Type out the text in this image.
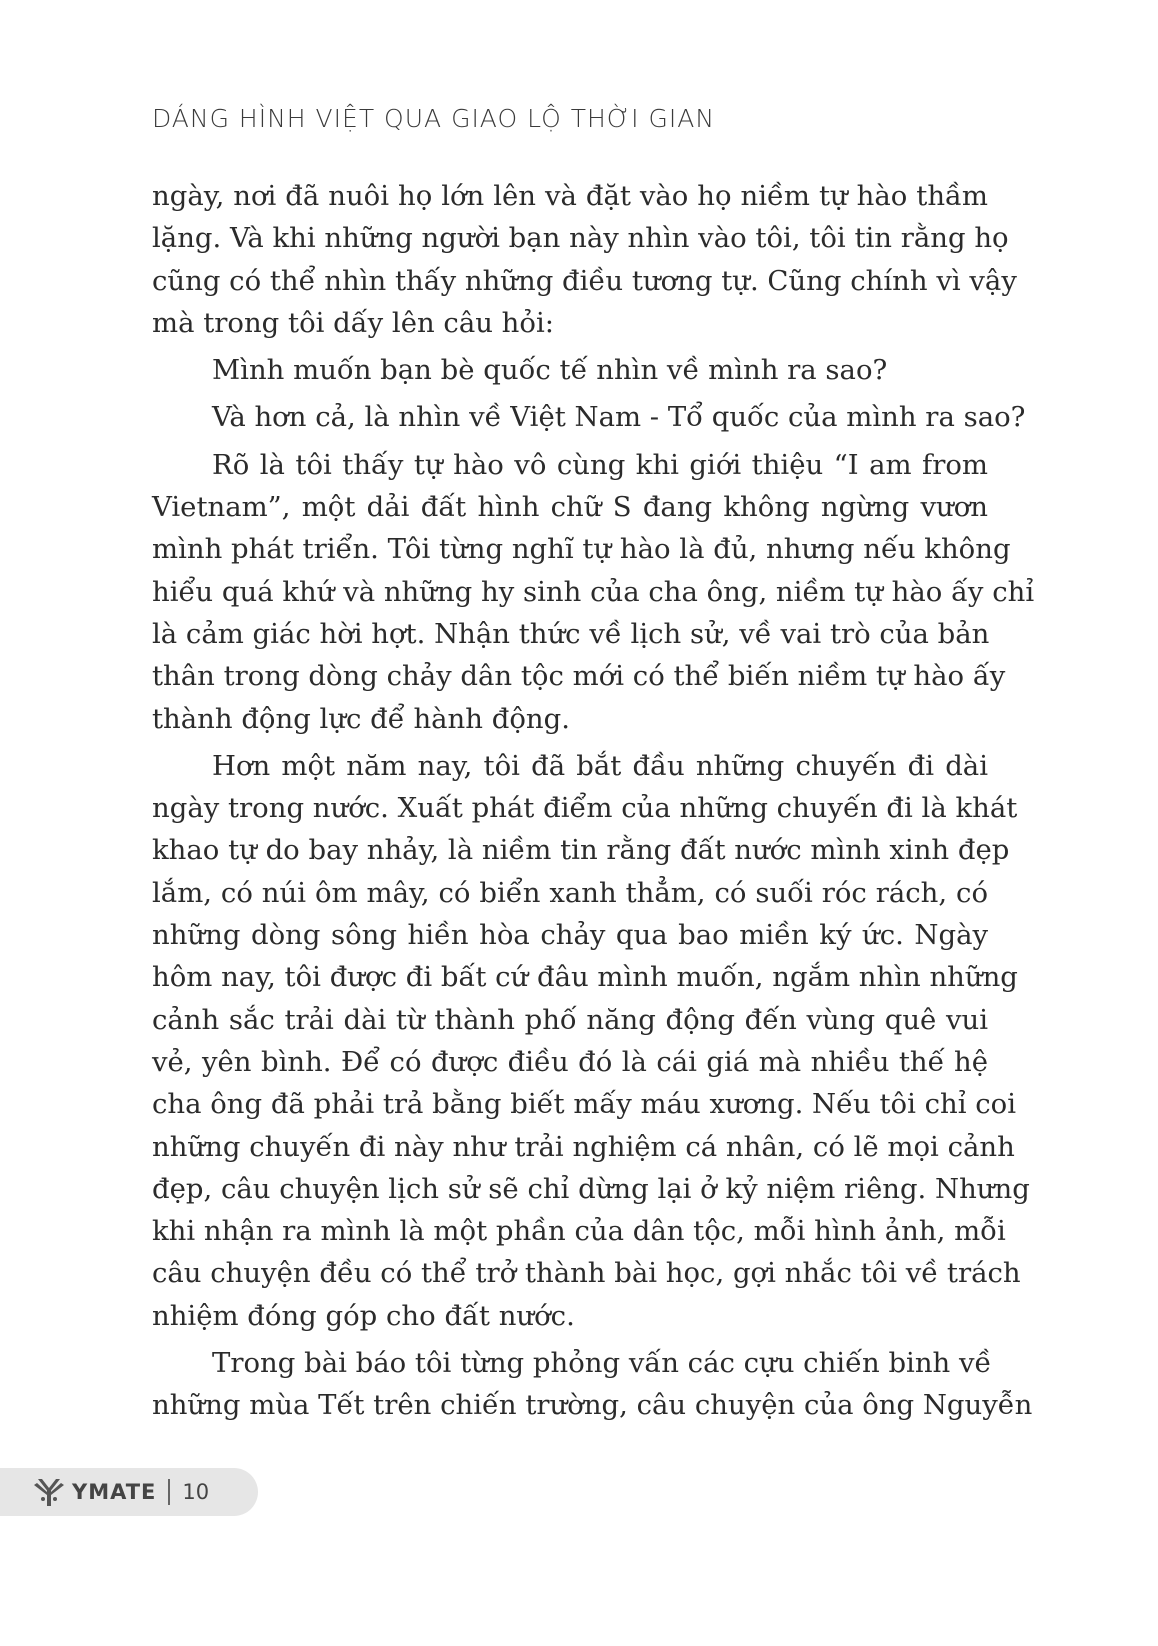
DÁNG HÌNH VIỆT QUA GIAO LỘ THỜI GIAN
ngày, nơi đã nuôi họ lớn lên và đặt vào họ niềm tự hào thầm
lặng. Và khi những người bạn này nhìn vào tôi, tôi tin rằng họ
cũng có thể nhìn thấy những điều tương tự. Cũng chính vì vậy
mà trong tôi dấy lên câu hỏi:
Mình muốn bạn bè quốc tế nhìn về mình ra sao?
Và hơn cả, là nhìn về Việt Nam - Tổ quốc của mình ra sao?
Rõ là tôi thấy tự hào vô cùng khi giới thiệu “I am from
Vietnam”, một dải đất hình chữ S đang không ngừng vươn
mình phát triển. Tôi từng nghĩ tự hào là đủ, nhưng nếu không
hiểu quá khứ và những hy sinh của cha ông, niềm tự hào ấy chỉ
là cảm giác hời hợt. Nhận thức về lịch sử, về vai trò của bản
thân trong dòng chảy dân tộc mới có thể biến niềm tự hào ấy
thành động lực để hành động.
Hơn một năm nay, tôi đã bắt đầu những chuyến đi dài
ngày trong nước. Xuất phát điểm của những chuyến đi là khát
khao tự do bay nhảy, là niềm tin rằng đất nước mình xinh đẹp
lắm, có núi ôm mây, có biển xanh thẳm, có suối róc rách, có
những dòng sông hiền hòa chảy qua bao miền ký ức. Ngày
hôm nay, tôi được đi bất cứ đâu mình muốn, ngắm nhìn những
cảnh sắc trải dài từ thành phố năng động đến vùng quê vui
vẻ, yên bình. Để có được điều đó là cái giá mà nhiều thế hệ
cha ông đã phải trả bằng biết mấy máu xương. Nếu tôi chỉ coi
những chuyến đi này như trải nghiệm cá nhân, có lẽ mọi cảnh
đẹp, câu chuyện lịch sử sẽ chỉ dừng lại ở kỷ niệm riêng. Nhưng
khi nhận ra mình là một phần của dân tộc, mỗi hình ảnh, mỗi
câu chuyện đều có thể trở thành bài học, gợi nhắc tôi về trách
nhiệm đóng góp cho đất nước.
Trong bài báo tôi từng phỏng vấn các cựu chiến binh về
những mùa Tết trên chiến trường, câu chuyện của ông Nguyễn
YMATE 10
